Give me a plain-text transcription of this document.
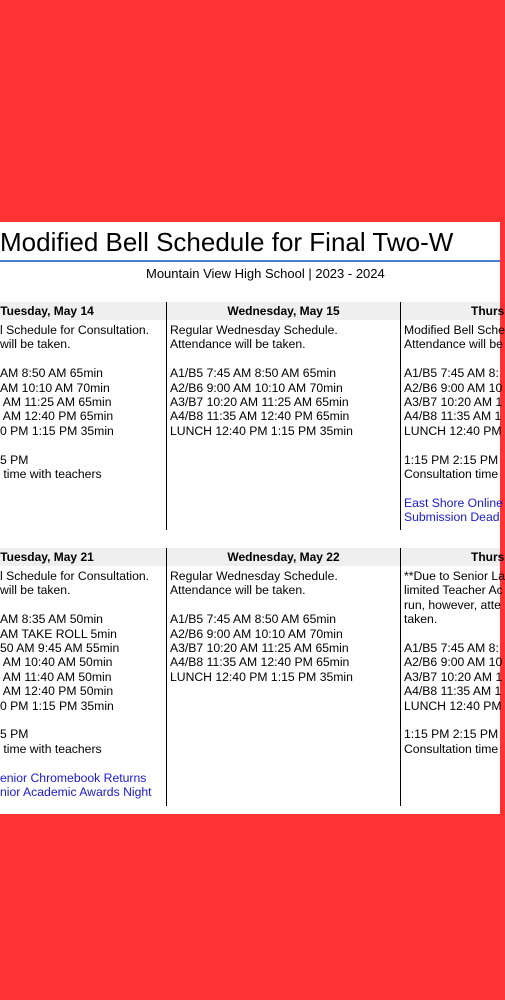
Modified Bell Schedule for Final Two-W
Mountain View High School | 2023 - 2024
Tuesday, May 14
l Schedule for Consultation.
will be taken.
AM 8:50 AM 65min
AM 10:10 AM 70min
AM 11:25 AM 65min
AM 12:40 PM 65min
0 PM 1:15 PM 35min
5 PM
time with teachers
Wednesday, May 15
Regular Wednesday Schedule.
Attendance will be taken.
A1/B5 7:45 AM 8:50 AM 65min
A2/B6 9:00 AM 10:10 AM 70min
A3/B7 10:20 AM 11:25 AM 65min
A4/B8 11:35 AM 12:40 PM 65min
LUNCH 12:40 PM 1:15 PM 35min
Thurs
Modified Bell Sche
Attendance will be
A1/B5 7:45 AM 8:
A2/B6 9:00 AM 10
A3/B7 10:20 AM 1
A4/B8 11:35 AM 1
LUNCH 12:40 PM
1:15 PM 2:15 PM
Consultation time
East Shore Online
Submission Dead
Tuesday, May 21
l Schedule for Consultation.
will be taken.
AM 8:35 AM 50min
AM TAKE ROLL 5min
50 AM 9:45 AM 55min
AM 10:40 AM 50min
AM 11:40 AM 50min
AM 12:40 PM 50min
0 PM 1:15 PM 35min
5 PM
time with teachers
enior Chromebook Returns
nior Academic Awards Night
Wednesday, May 22
Regular Wednesday Schedule.
Attendance will be taken.
A1/B5 7:45 AM 8:50 AM 65min
A2/B6 9:00 AM 10:10 AM 70min
A3/B7 10:20 AM 11:25 AM 65min
A4/B8 11:35 AM 12:40 PM 65min
LUNCH 12:40 PM 1:15 PM 35min
Thurs
**Due to Senior La
limited Teacher Ac
run, however, atte
taken.
A1/B5 7:45 AM 8:
A2/B6 9:00 AM 10
A3/B7 10:20 AM 1
A4/B8 11:35 AM 1
LUNCH 12:40 PM
1:15 PM 2:15 PM
Consultation time
